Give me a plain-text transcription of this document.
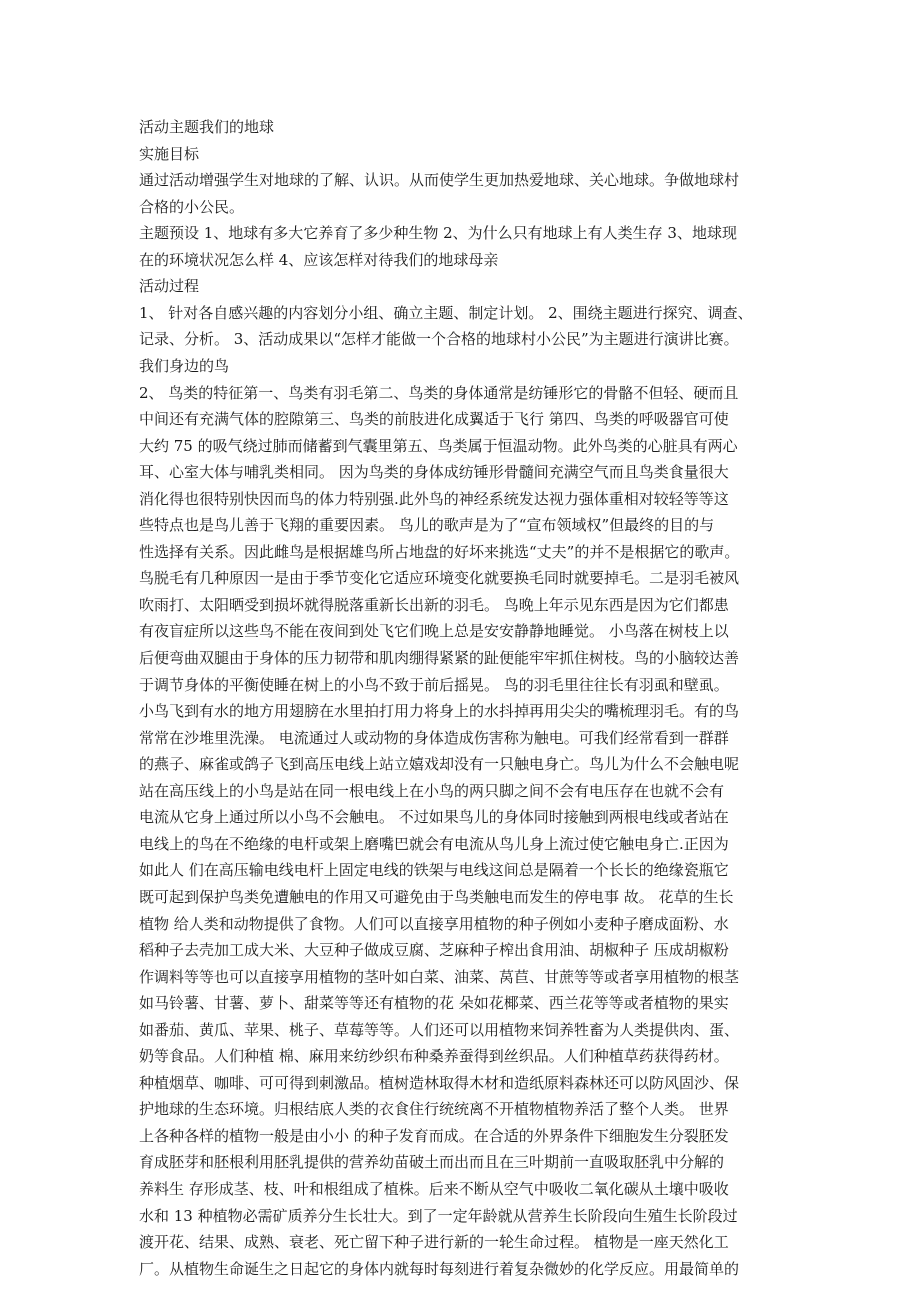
活动主题我们的地球
实施目标
通过活动增强学生对地球的了解、认识。从而使学生更加热爱地球、关心地球。争做地球村
合格的小公民。
主题预设 1、地球有多大它养育了多少种生物 2、为什么只有地球上有人类生存 3、地球现
在的环境状况怎么样 4、应该怎样对待我们的地球母亲
活动过程
1、 针对各自感兴趣的内容划分小组、确立主题、制定计划。 2、围绕主题进行探究、调查、
记录、分析。 3、活动成果以“怎样才能做一个合格的地球村小公民”为主题进行演讲比赛。
我们身边的鸟
2、 鸟类的特征第一、鸟类有羽毛第二、鸟类的身体通常是纺锤形它的骨骼不但轻、硬而且
中间还有充满气体的腔隙第三、鸟类的前肢进化成翼适于飞行 第四、鸟类的呼吸器官可使
大约 75 的吸气绕过肺而储蓄到气囊里第五、鸟类属于恒温动物。此外鸟类的心脏具有两心
耳、心室大体与哺乳类相同。 因为鸟类的身体成纺锤形骨髓间充满空气而且鸟类食量很大
消化得也很特别快因而鸟的体力特别强.此外鸟的神经系统发达视力强体重相对较轻等等这
些特点也是鸟儿善于飞翔的重要因素。 鸟儿的歌声是为了“宣布领域权”但最终的目的与
性选择有关系。因此雌鸟是根据雄鸟所占地盘的好坏来挑选“丈夫”的并不是根据它的歌声。
鸟脱毛有几种原因一是由于季节变化它适应环境变化就要换毛同时就要掉毛。二是羽毛被风
吹雨打、太阳晒受到损坏就得脱落重新长出新的羽毛。 鸟晚上年示见东西是因为它们都患
有夜盲症所以这些鸟不能在夜间到处飞它们晚上总是安安静静地睡觉。 小鸟落在树枝上以
后便弯曲双腿由于身体的压力韧带和肌肉绷得紧紧的趾便能牢牢抓住树枝。鸟的小脑较达善
于调节身体的平衡使睡在树上的小鸟不致于前后摇晃。 鸟的羽毛里往往长有羽虱和壁虱。
小鸟飞到有水的地方用翅膀在水里拍打用力将身上的水抖掉再用尖尖的嘴梳理羽毛。有的鸟
常常在沙堆里洗澡。 电流通过人或动物的身体造成伤害称为触电。可我们经常看到一群群
的燕子、麻雀或鸽子飞到高压电线上站立嬉戏却没有一只触电身亡。鸟儿为什么不会触电呢
站在高压线上的小鸟是站在同一根电线上在小鸟的两只脚之间不会有电压存在也就不会有
电流从它身上通过所以小鸟不会触电。 不过如果鸟儿的身体同时接触到两根电线或者站在
电线上的鸟在不绝缘的电杆或架上磨嘴巴就会有电流从鸟儿身上流过使它触电身亡.正因为
如此人 们在高压输电线电杆上固定电线的铁架与电线这间总是隔着一个长长的绝缘瓷瓶它
既可起到保护鸟类免遭触电的作用又可避免由于鸟类触电而发生的停电事 故。 花草的生长
植物 给人类和动物提供了食物。人们可以直接享用植物的种子例如小麦种子磨成面粉、水
稻种子去壳加工成大米、大豆种子做成豆腐、芝麻种子榨出食用油、胡椒种子 压成胡椒粉
作调料等等也可以直接享用植物的茎叶如白菜、油菜、莴苣、甘蔗等等或者享用植物的根茎
如马铃薯、甘薯、萝卜、甜菜等等还有植物的花 朵如花椰菜、西兰花等等或者植物的果实
如番茄、黄瓜、苹果、桃子、草莓等等。人们还可以用植物来饲养牲畜为人类提供肉、蛋、
奶等食品。人们种植 棉、麻用来纺纱织布种桑养蚕得到丝织品。人们种植草药获得药材。
种植烟草、咖啡、可可得到刺激品。植树造林取得木材和造纸原料森林还可以防风固沙、保
护地球的生态环境。归根结底人类的衣食住行统统离不开植物植物养活了整个人类。 世界
上各种各样的植物一般是由小小 的种子发育而成。在合适的外界条件下细胞发生分裂胚发
育成胚芽和胚根利用胚乳提供的营养幼苗破土而出而且在三叶期前一直吸取胚乳中分解的
养料生 存形成茎、枝、叶和根组成了植株。后来不断从空气中吸收二氧化碳从土壤中吸收
水和 13 种植物必需矿质养分生长壮大。到了一定年龄就从营养生长阶段向生殖生长阶段过
渡开花、结果、成熟、衰老、死亡留下种子进行新的一轮生命过程。 植物是一座天然化工
厂。从植物生命诞生之日起它的身体内就每时每刻进行着复杂微妙的化学反应。用最简单的
